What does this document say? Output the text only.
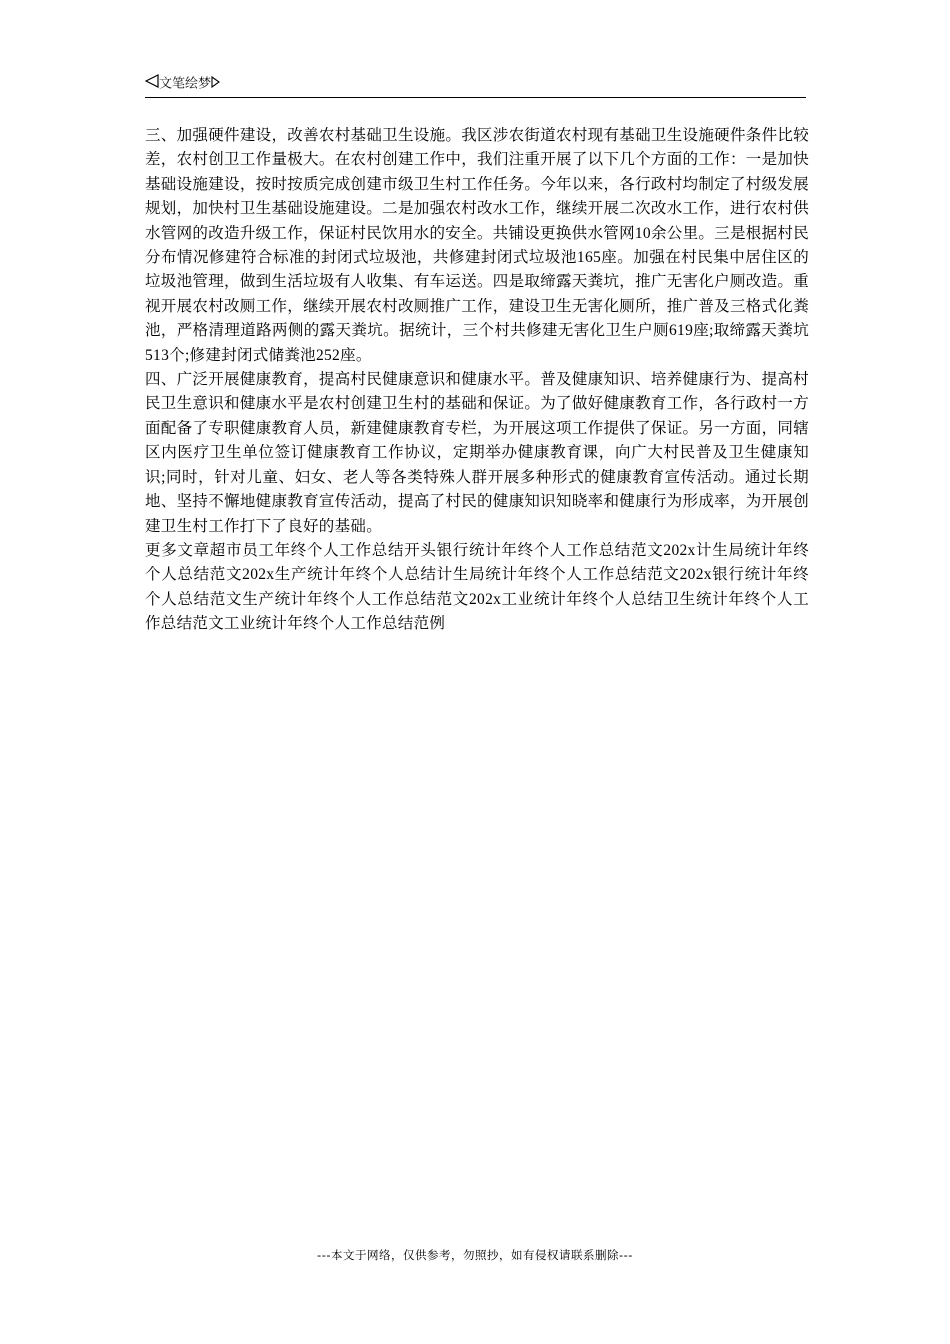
文笔绘梦

三、加强硬件建设，改善农村基础卫生设施。我区涉农街道农村现有基础卫生设施硬件条件比较差，农村创卫工作量极大。在农村创建工作中，我们注重开展了以下几个方面的工作：一是加快基础设施建设，按时按质完成创建市级卫生村工作任务。今年以来，各行政村均制定了村级发展规划，加快村卫生基础设施建设。二是加强农村改水工作，继续开展二次改水工作，进行农村供水管网的改造升级工作，保证村民饮用水的安全。共铺设更换供水管网10余公里。三是根据村民分布情况修建符合标准的封闭式垃圾池，共修建封闭式垃圾池165座。加强在村民集中居住区的垃圾池管理，做到生活垃圾有人收集、有车运送。四是取缔露天粪坑，推广无害化户厕改造。重视开展农村改厕工作，继续开展农村改厕推广工作，建设卫生无害化厕所，推广普及三格式化粪池，严格清理道路两侧的露天粪坑。据统计，三个村共修建无害化卫生户厕619座;取缔露天粪坑513个;修建封闭式储粪池252座。

四、广泛开展健康教育，提高村民健康意识和健康水平。普及健康知识、培养健康行为、提高村民卫生意识和健康水平是农村创建卫生村的基础和保证。为了做好健康教育工作，各行政村一方面配备了专职健康教育人员，新建健康教育专栏，为开展这项工作提供了保证。另一方面，同辖区内医疗卫生单位签订健康教育工作协议，定期举办健康教育课，向广大村民普及卫生健康知识;同时，针对儿童、妇女、老人等各类特殊人群开展多种形式的健康教育宣传活动。通过长期地、坚持不懈地健康教育宣传活动，提高了村民的健康知识知晓率和健康行为形成率，为开展创建卫生村工作打下了良好的基础。

更多文章超市员工年终个人工作总结开头银行统计年终个人工作总结范文202x计生局统计年终个人总结范文202x生产统计年终个人总结计生局统计年终个人工作总结范文202x银行统计年终个人总结范文生产统计年终个人工作总结范文202x工业统计年终个人总结卫生统计年终个人工作总结范文工业统计年终个人工作总结范例

---本文于网络，仅供参考，勿照抄，如有侵权请联系删除---
